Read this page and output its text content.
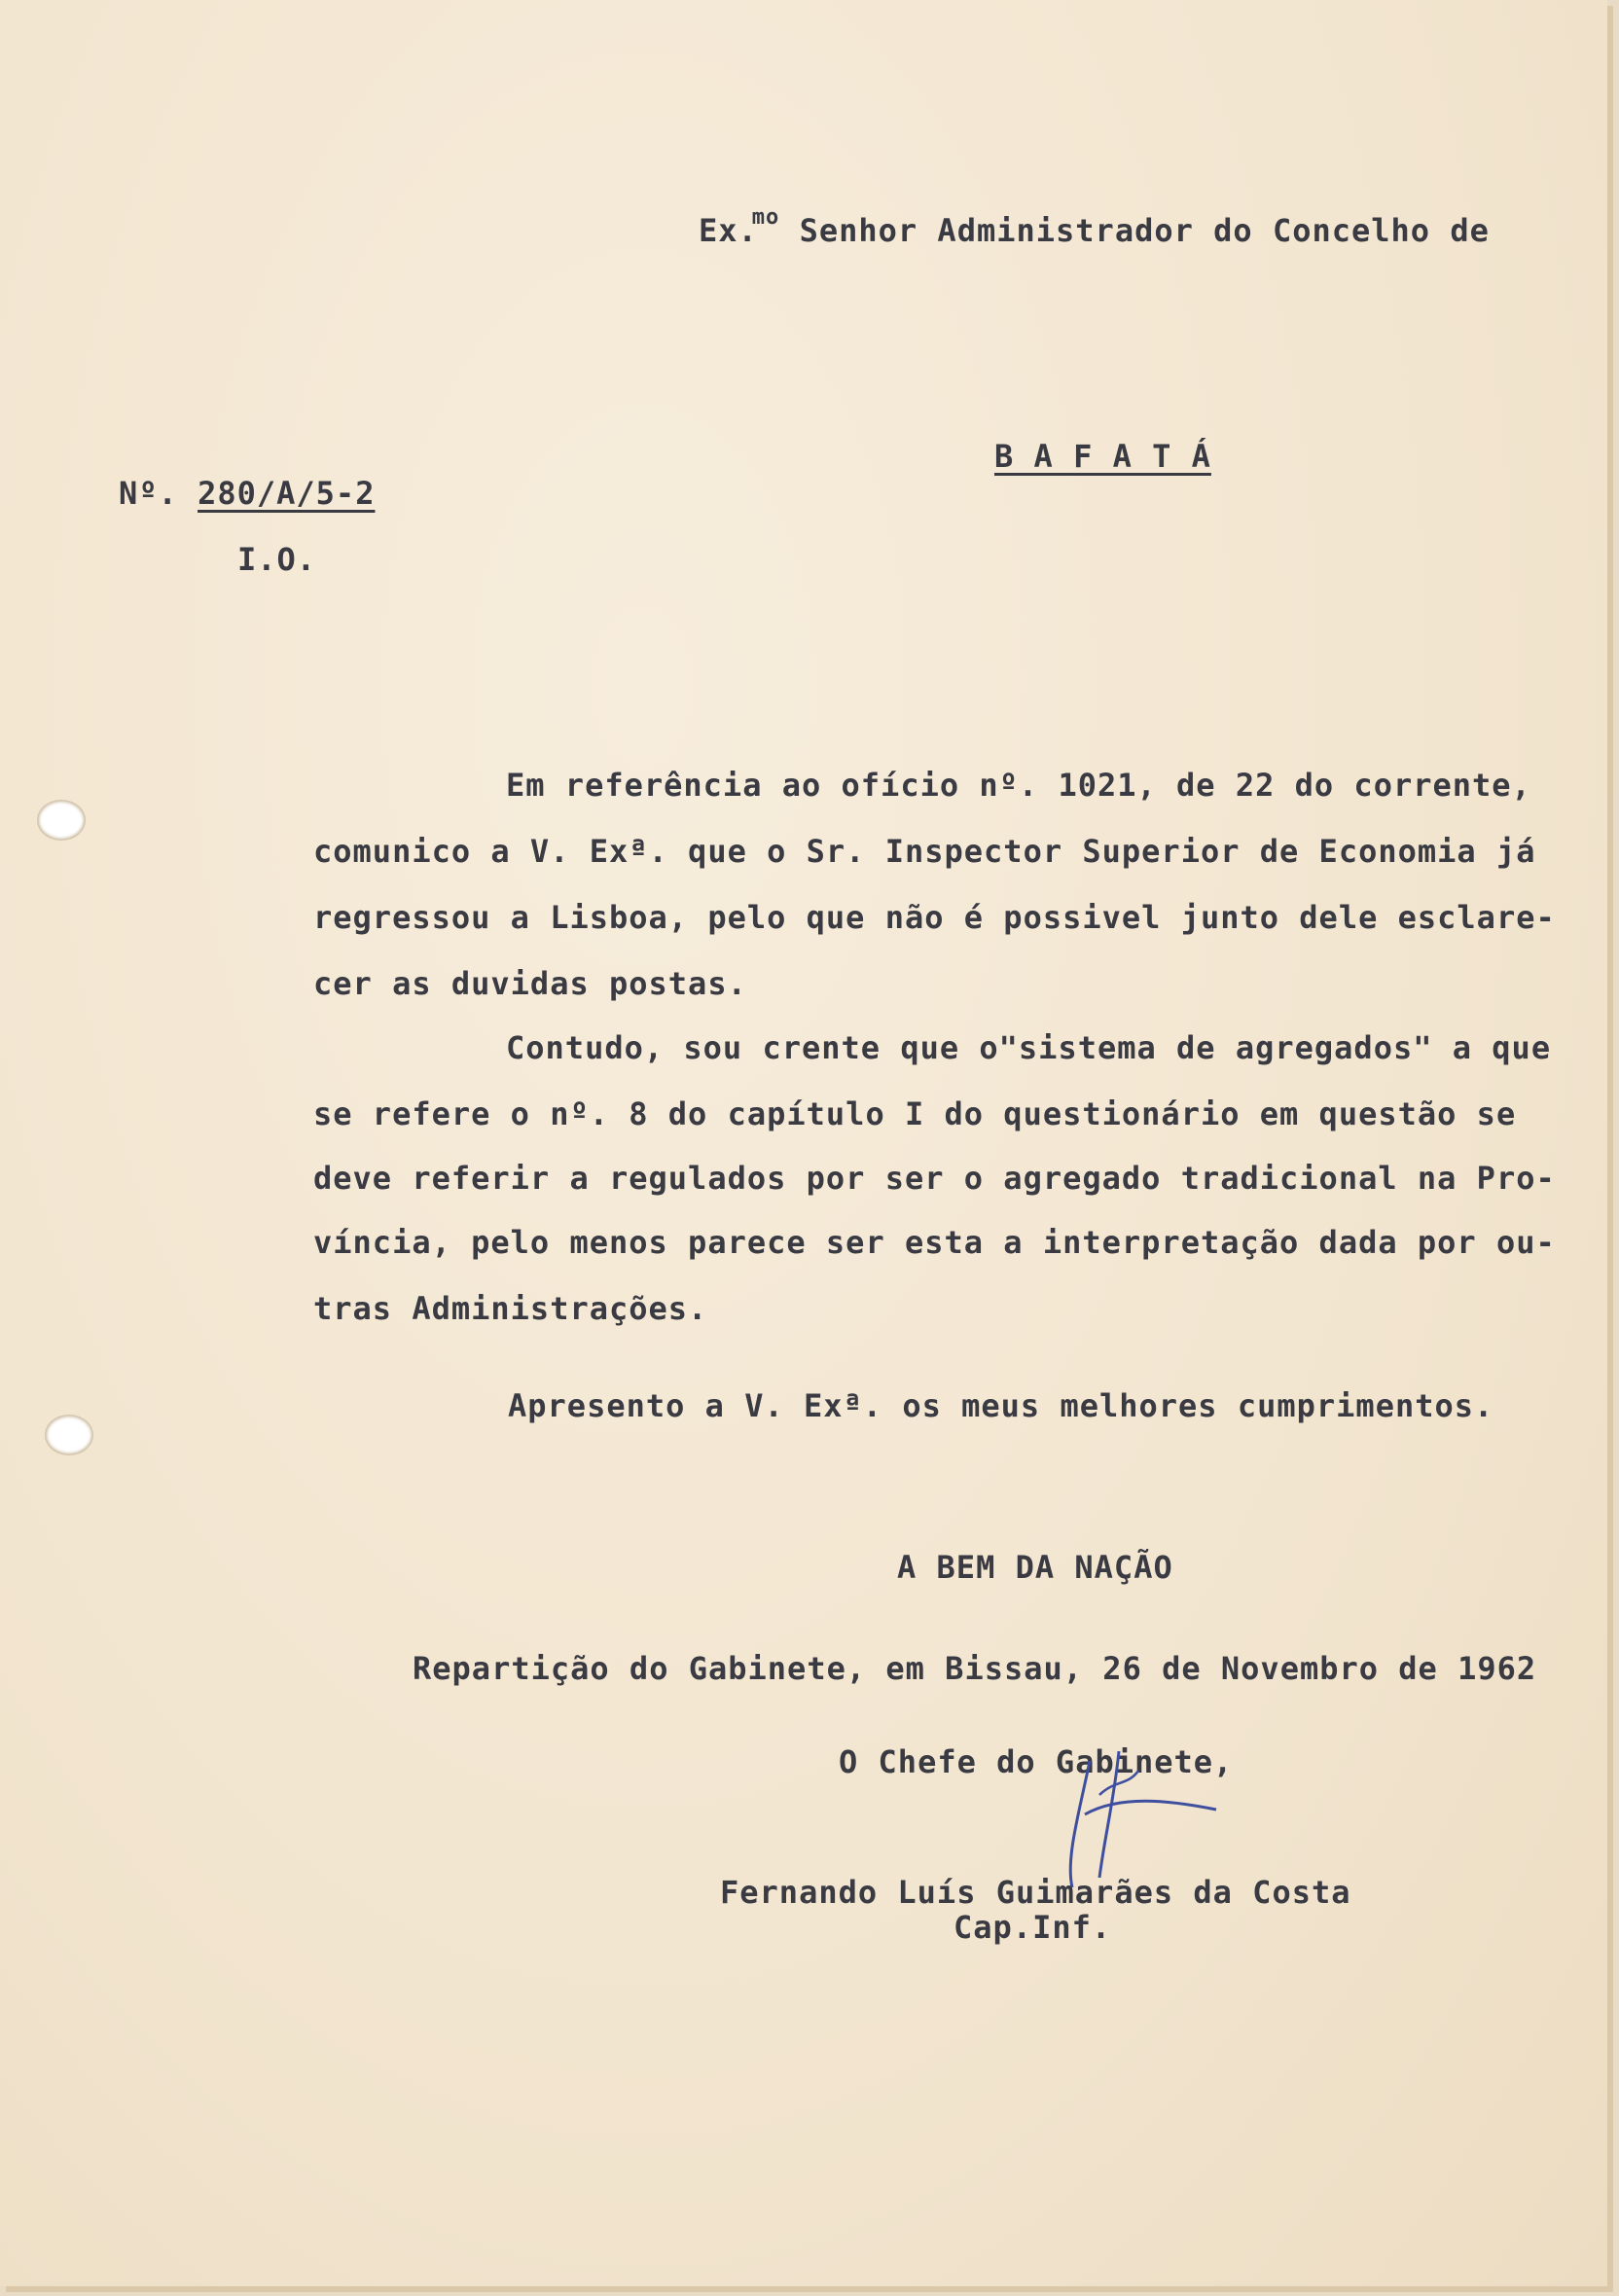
Ex.$^{mo}$ Senhor Administrador do Concelho de
B A F A T Á
Nº. 280/A/5-2
I.O.
Em referência ao ofício nº. 1021, de 22 do corrente,
comunico a V. Exª. que o Sr. Inspector Superior de Economia já
regressou a Lisboa, pelo que não é possivel junto dele esclare-
cer as duvidas postas.
Contudo, sou crente que o"sistema de agregados" a que
se refere o nº. 8 do capítulo I do questionário em questão se
deve referir a regulados por ser o agregado tradicional na Pro-
víncia, pelo menos parece ser esta a interpretação dada por ou-
tras Administrações.
Apresento a V. Exª. os meus melhores cumprimentos.
A BEM DA NAÇÃO
Repartição do Gabinete, em Bissau, 26 de Novembro de 1962
O Chefe do Gabinete,
Fernando Luís Guimarães da Costa
Cap.Inf.
